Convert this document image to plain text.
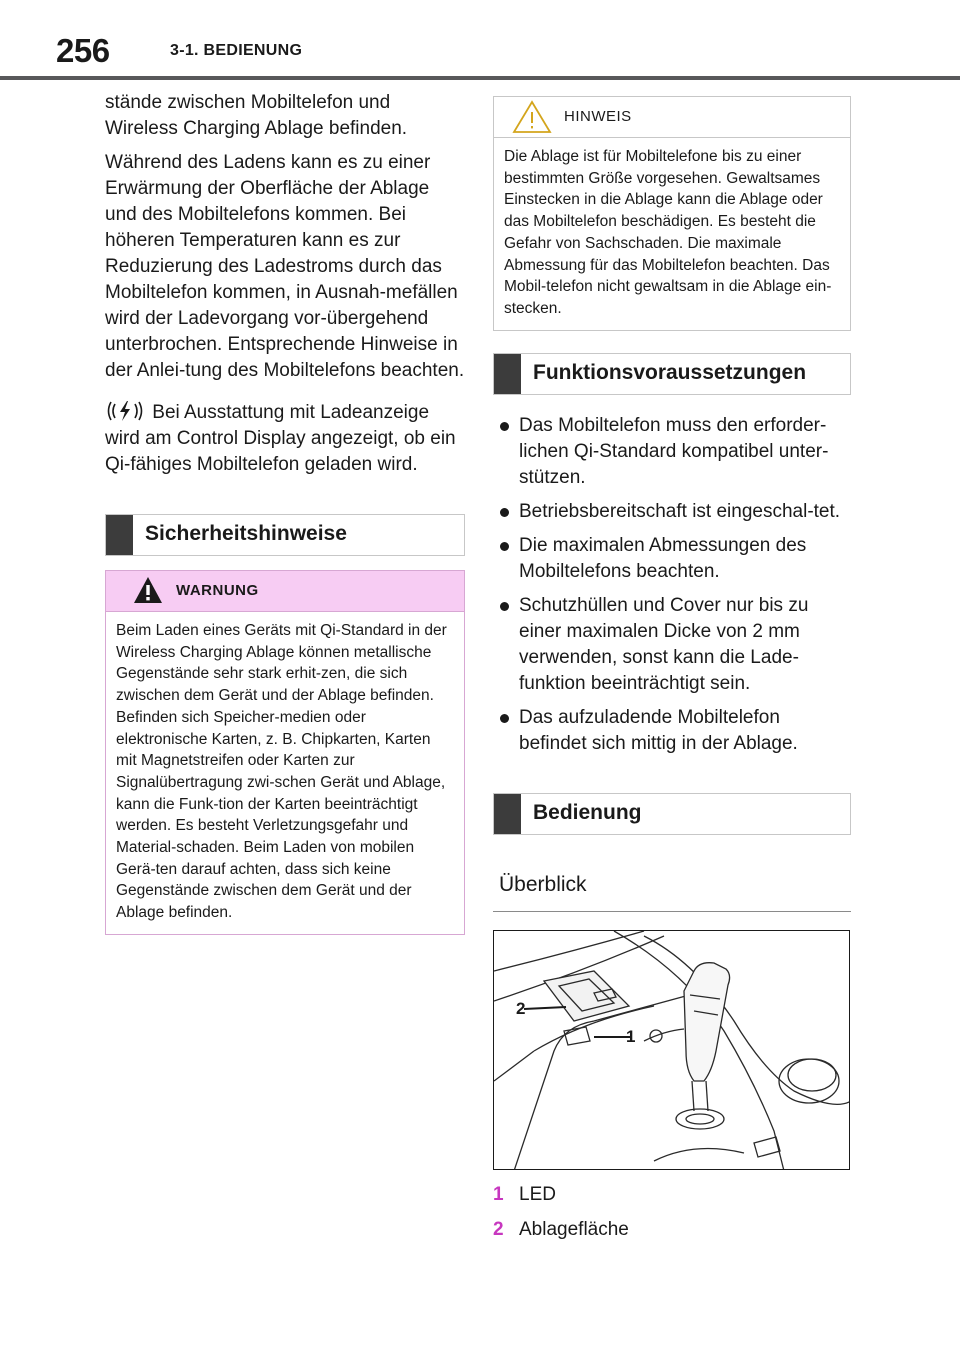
256	3-1. BEDIENUNG

stände zwischen Mobiltelefon und Wireless Charging Ablage befinden.

Während des Ladens kann es zu einer Erwärmung der Oberfläche der Ablage und des Mobiltelefons kommen. Bei höheren Temperaturen kann es zur Reduzierung des Ladestroms durch das Mobiltelefon kommen, in Ausnah-mefällen wird der Ladevorgang vor-übergehend unterbrochen. Entsprechende Hinweise in der Anlei-tung des Mobiltelefons beachten.

Bei Ausstattung mit Ladeanzeige wird am Control Display angezeigt, ob ein Qi-fähiges Mobiltelefon geladen wird.

Sicherheitshinweise
WARNUNG
Beim Laden eines Geräts mit Qi-Standard in der Wireless Charging Ablage können metallische Gegenstände sehr stark erhit-zen, die sich zwischen dem Gerät und der Ablage befinden. Befinden sich Speicher-medien oder elektronische Karten, z. B. Chipkarten, Karten mit Magnetstreifen oder Karten zur Signalübertragung zwi-schen Gerät und Ablage, kann die Funk-tion der Karten beeinträchtigt werden. Es besteht Verletzungsgefahr und Material-schaden. Beim Laden von mobilen Gerä-ten darauf achten, dass sich keine Gegenstände zwischen dem Gerät und der Ablage befinden.
HINWEIS
Die Ablage ist für Mobiltelefone bis zu einer bestimmten Größe vorgesehen. Gewaltsames Einstecken in die Ablage kann die Ablage oder das Mobiltelefon beschädigen. Es besteht die Gefahr von Sachschaden. Die maximale Abmessung für das Mobiltelefon beachten. Das Mobil-telefon nicht gewaltsam in die Ablage ein-stecken.
Funktionsvoraussetzungen
Das Mobiltelefon muss den erforder-lichen Qi-Standard kompatibel unter-stützen.
Betriebsbereitschaft ist eingeschal-tet.
Die maximalen Abmessungen des Mobiltelefons beachten.
Schutzhüllen und Cover nur bis zu einer maximalen Dicke von 2 mm verwenden, sonst kann die Lade-funktion beeinträchtigt sein.
Das aufzuladende Mobiltelefon befindet sich mittig in der Ablage.
Bedienung
Überblick
2
1
1 LED
2 Ablagefläche
